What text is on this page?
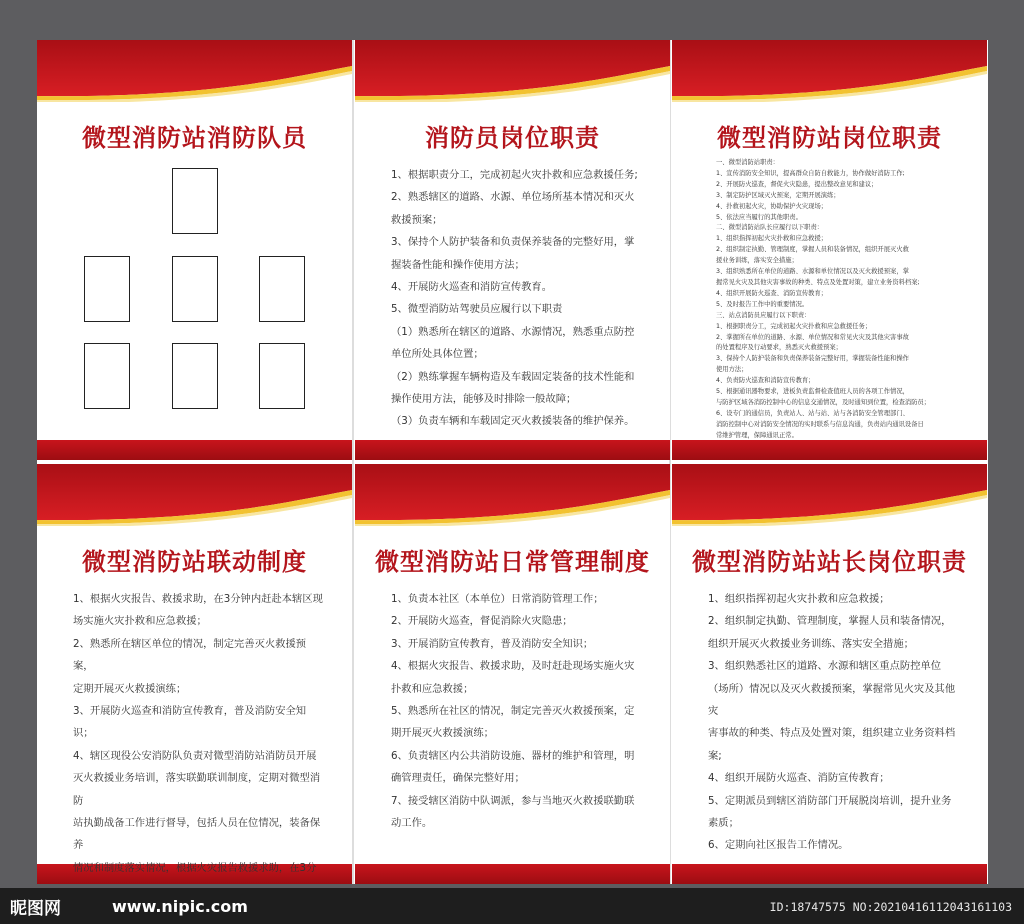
微型消防站消防队员	消防员岗位职责
1、根据职责分工，完成初起火灾扑救和应急救援任务;
2、熟悉辖区的道路、水源、单位场所基本情况和灭火
救援预案；
3、保持个人防护装备和负责保养装备的完整好用，掌
握装备性能和操作使用方法；
4、开展防火巡查和消防宣传教育。
5、微型消防站驾驶员应履行以下职责
（1）熟悉所在辖区的道路、水源情况，熟悉重点防控
单位所处具体位置；
（2）熟练掌握车辆构造及车载固定装备的技术性能和
操作使用方法，能够及时排除一般故障；
（3）负责车辆和车载固定灭火救援装备的维护保养。
微型消防站岗位职责
一、微型消防站职责：
1、宣传消防安全知识，提高群众自防自救能力，协作做好消防工作;
2、开展防火巡查，督促火灾隐患，提出整改意见和建议；
3、制定防护区域灭火预案，定期开展演练；
4、扑救初起火灾，协助保护火灾现场；
5、依法应当履行的其他职责。
二、微型消防站队长应履行以下职责：
1、组织指挥初起火灾扑救和应急救援；
2、组织制定执勤、管理制度，掌握人员和装备情况，组织开展灭火救
援业务训练，落实安全措施；
3、组织熟悉所在单位的道路、水源和单位情况以及灭火救援预案，掌
握常见火灾及其他灾害事故的种类、特点及处置对策，建立业务资料档案;
4、组织开展防火巡查、消防宣传教育；
5、及时报告工作中的重要情况。
三、站点消防员应履行以下职责：
1、根据职责分工，完成初起火灾扑救和应急救援任务；
2、掌握所在单位的道路、水源、单位情况和常见火灾及其他灾害事故
的处置程序及行动要求，熟悉灭火救援预案；
3、保持个人防护装备和负责保养装备完整好用，掌握装备性能和操作
使用方法；
4、负责防火巡查和消防宣传教育；
5、根据通讯器物要求，进板负责监督检查值班人员的各项工作情况，
与防护区域各消防控制中心的信息交通情况，及时通知到位置，检查消防员；
6、设专门的通信员，负责站人、站与站、站与各消防安全管理部门、
消防控制中心对消防安全情况的实时联系与信息沟通，负责站内通讯设备日
常维护管理，保障通讯正常。
微型消防站联动制度
1、根据火灾报告、救援求助，在3分钟内赶赴本辖区现
场实施火灾扑救和应急救援；
2、熟悉所在辖区单位的情况，制定完善灭火救援预案，
定期开展灭火救援演练；
3、开展防火巡查和消防宣传教育，普及消防安全知识；
4、辖区现役公安消防队负责对微型消防站消防员开展
灭火救援业务培训，落实联勤联训制度，定期对微型消防
站执勤战备工作进行督导，包括人员在位情况，装备保养
情况和制度落实情况，根据火灾报告救援求助，在3分
微型消防站日常管理制度
1、负责本社区（本单位）日常消防管理工作；
2、开展防火巡查，督促消除火灾隐患；
3、开展消防宣传教育，普及消防安全知识；
4、根据火灾报告、救援求助，及时赶赴现场实施火灾
扑救和应急救援；
5、熟悉所在社区的情况，制定完善灭火救援预案，定
期开展灭火救援演练；
6、负责辖区内公共消防设施、器材的维护和管理，明
确管理责任，确保完整好用；
7、接受辖区消防中队调派，参与当地灭火救援联勤联
动工作。
微型消防站站长岗位职责
1、组织指挥初起火灾扑救和应急救援；
2、组织制定执勤、管理制度，掌握人员和装备情况，
组织开展灭火救援业务训练、落实安全措施；
3、组织熟悉社区的道路、水源和辖区重点防控单位
（场所）情况以及灭火救援预案，掌握常见火灾及其他灾
害事故的种类、特点及处置对策，组织建立业务资料档案;
4、组织开展防火巡查、消防宣传教育；
5、定期派员到辖区消防部门开展脱岗培训，提升业务
素质；
6、定期向社区报告工作情况。
昵图网	www.nipic.com	ID:18747575 NO:20210416112043161103
